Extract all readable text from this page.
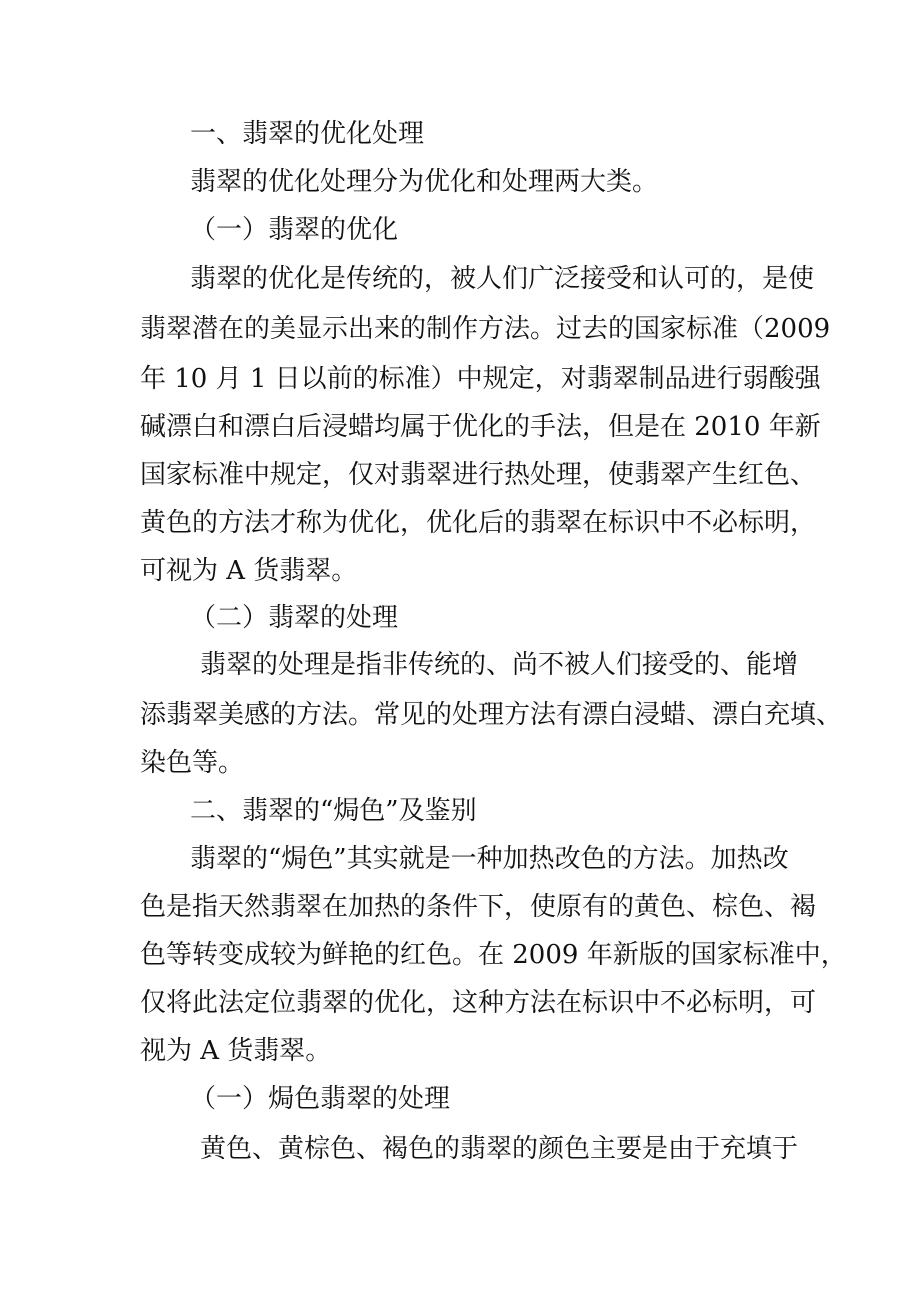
一、翡翠的优化处理
翡翠的优化处理分为优化和处理两大类。
（一）翡翠的优化
翡翠的优化是传统的，被人们广泛接受和认可的，是使
翡翠潜在的美显示出来的制作方法。过去的国家标准（2009
年 10 月 1 日以前的标准）中规定，对翡翠制品进行弱酸强
碱漂白和漂白后浸蜡均属于优化的手法，但是在 2010 年新
国家标准中规定，仅对翡翠进行热处理，使翡翠产生红色、
黄色的方法才称为优化，优化后的翡翠在标识中不必标明，
可视为 A 货翡翠。
（二）翡翠的处理
翡翠的处理是指非传统的、尚不被人们接受的、能增
添翡翠美感的方法。常见的处理方法有漂白浸蜡、漂白充填、
染色等。
二、翡翠的“焗色”及鉴别
翡翠的“焗色”其实就是一种加热改色的方法。加热改
色是指天然翡翠在加热的条件下，使原有的黄色、棕色、褐
色等转变成较为鲜艳的红色。在 2009 年新版的国家标准中，
仅将此法定位翡翠的优化，这种方法在标识中不必标明，可
视为 A 货翡翠。
（一）焗色翡翠的处理
黄色、黄棕色、褐色的翡翠的颜色主要是由于充填于
